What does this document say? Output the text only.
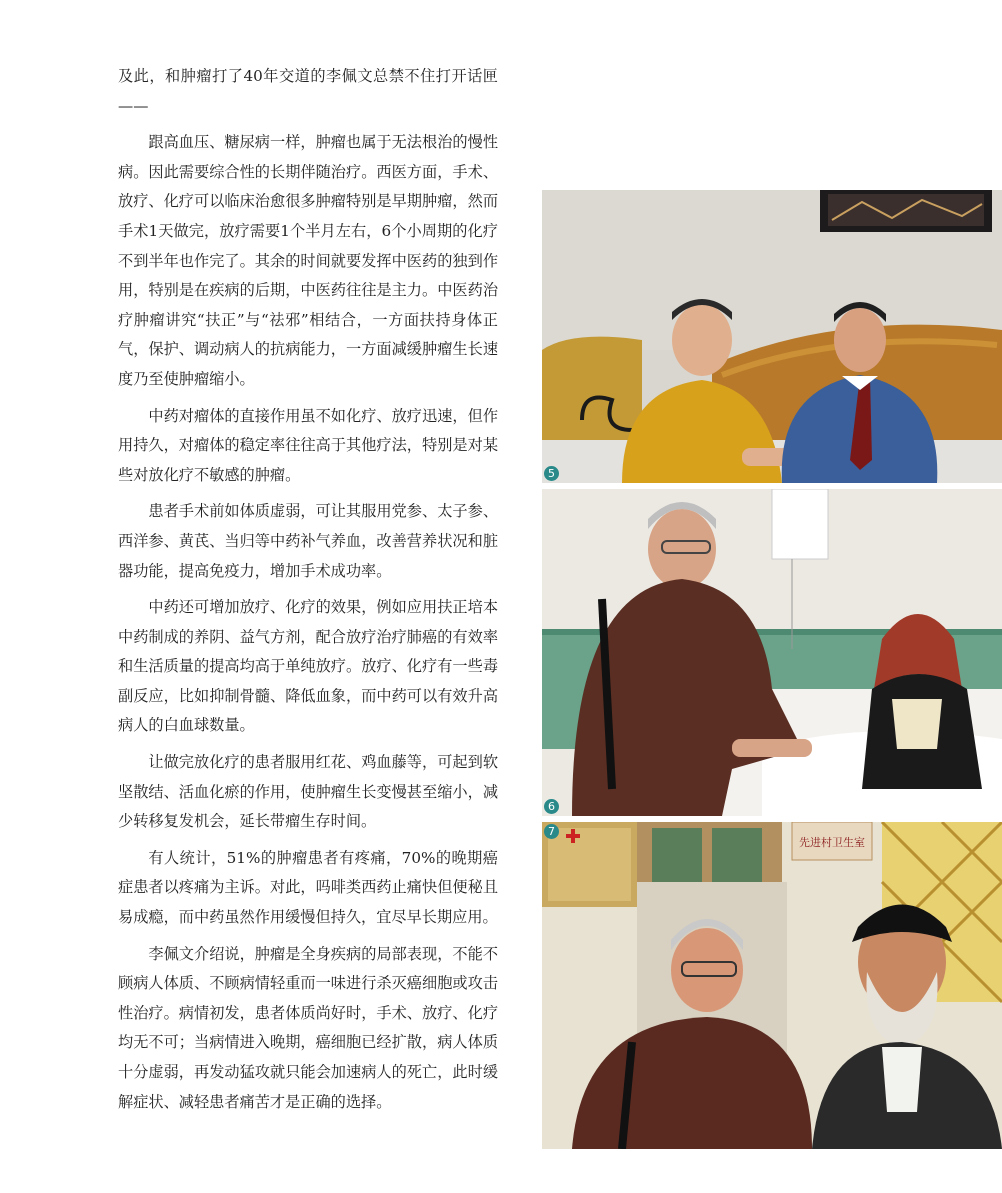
及此，和肿瘤打了40年交道的李佩文总禁不住打开话匣——

跟高血压、糖尿病一样，肿瘤也属于无法根治的慢性病。因此需要综合性的长期伴随治疗。西医方面，手术、放疗、化疗可以临床治愈很多肿瘤特别是早期肿瘤，然而手术1天做完，放疗需要1个半月左右，6个小周期的化疗不到半年也作完了。其余的时间就要发挥中医药的独到作用，特别是在疾病的后期，中医药往往是主力。中医药治疗肿瘤讲究“扶正”与“祛邪”相结合，一方面扶持身体正气，保护、调动病人的抗病能力，一方面减缓肿瘤生长速度乃至使肿瘤缩小。

中药对瘤体的直接作用虽不如化疗、放疗迅速，但作用持久，对瘤体的稳定率往往高于其他疗法，特别是对某些对放化疗不敏感的肿瘤。

患者手术前如体质虚弱，可让其服用党参、太子参、西洋参、黄芪、当归等中药补气养血，改善营养状况和脏器功能，提高免疫力，增加手术成功率。

中药还可增加放疗、化疗的效果，例如应用扶正培本中药制成的养阴、益气方剂，配合放疗治疗肺癌的有效率和生活质量的提高均高于单纯放疗。放疗、化疗有一些毒副反应，比如抑制骨髓、降低血象，而中药可以有效升高病人的白血球数量。

让做完放化疗的患者服用红花、鸡血藤等，可起到软坚散结、活血化瘀的作用，使肿瘤生长变慢甚至缩小，减少转移复发机会，延长带瘤生存时间。

有人统计，51%的肿瘤患者有疼痛，70%的晚期癌症患者以疼痛为主诉。对此，吗啡类西药止痛快但便秘且易成瘾，而中药虽然作用缓慢但持久，宜尽早长期应用。

李佩文介绍说，肿瘤是全身疾病的局部表现，不能不顾病人体质、不顾病情轻重而一味进行杀灭癌细胞或攻击性治疗。病情初发，患者体质尚好时，手术、放疗、化疗均无不可；当病情进入晚期，癌细胞已经扩散，病人体质十分虚弱，再发动猛攻就只能会加速病人的死亡，此时缓解症状、减轻患者痛苦才是正确的选择。

5
6
先进村卫生室
7
